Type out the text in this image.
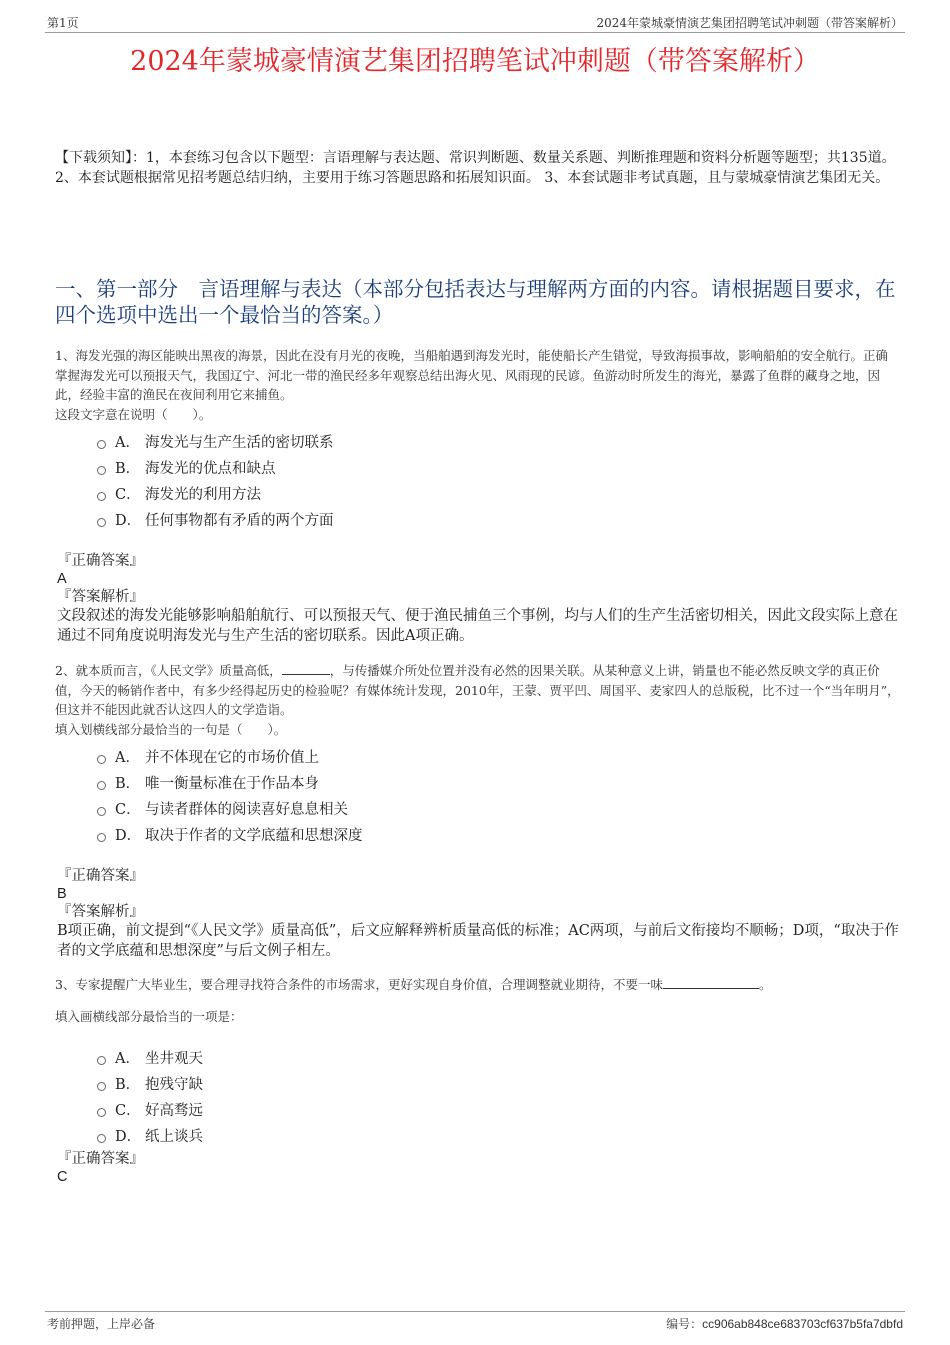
第1页	2024年蒙城豪情演艺集团招聘笔试冲刺题（带答案解析）
2024年蒙城豪情演艺集团招聘笔试冲刺题（带答案解析）
【下载须知】：1，本套练习包含以下题型：言语理解与表达题、常识判断题、数量关系题、判断推理题和资料分析题等题型；共135道。 2、本套试题根据常见招考题总结归纳，主要用于练习答题思路和拓展知识面。 3、本套试题非考试真题，且与蒙城豪情演艺集团无关。
一、第一部分　言语理解与表达（本部分包括表达与理解两方面的内容。请根据题目要求，在四个选项中选出一个最恰当的答案。）
1、海发光强的海区能映出黑夜的海景，因此在没有月光的夜晚，当船舶遇到海发光时，能使船长产生错觉，导致海损事故，影响船舶的安全航行。正确掌握海发光可以预报天气，我国辽宁、河北一带的渔民经多年观察总结出海火见、风雨现的民谚。鱼游动时所发生的海光，暴露了鱼群的藏身之地，因此，经验丰富的渔民在夜间利用它来捕鱼。
这段文字意在说明（　　）。
A． 海发光与生产生活的密切联系
B． 海发光的优点和缺点
C． 海发光的利用方法
D． 任何事物都有矛盾的两个方面
『正确答案』
A
『答案解析』
文段叙述的海发光能够影响船舶航行、可以预报天气、便于渔民捕鱼三个事例，均与人们的生产生活密切相关，因此文段实际上意在通过不同角度说明海发光与生产生活的密切联系。因此A项正确。
2、就本质而言，《人民文学》质量高低，	，与传播媒介所处位置并没有必然的因果关联。从某种意义上讲，销量也不能必然反映文学的真正价值，今天的畅销作者中，有多少经得起历史的检验呢？有媒体统计发现，2010年，王蒙、贾平凹、周国平、麦家四人的总版税，比不过一个“当年明月”，但这并不能因此就否认这四人的文学造诣。
填入划横线部分最恰当的一句是（　　）。
A． 并不体现在它的市场价值上
B． 唯一衡量标准在于作品本身
C． 与读者群体的阅读喜好息息相关
D． 取决于作者的文学底蕴和思想深度
『正确答案』
B
『答案解析』
B项正确，前文提到“《人民文学》质量高低”，后文应解释辨析质量高低的标准；AC两项，与前后文衔接均不顺畅；D项，“取决于作者的文学底蕴和思想深度”与后文例子相左。
3、专家提醒广大毕业生，要合理寻找符合条件的市场需求，更好实现自身价值，合理调整就业期待，不要一味	。
填入画横线部分最恰当的一项是：
A． 坐井观天
B． 抱残守缺
C． 好高骛远
D． 纸上谈兵
『正确答案』
C
考前押题，上岸必备	编号：cc906ab848ce683703cf637b5fa7dbfd
